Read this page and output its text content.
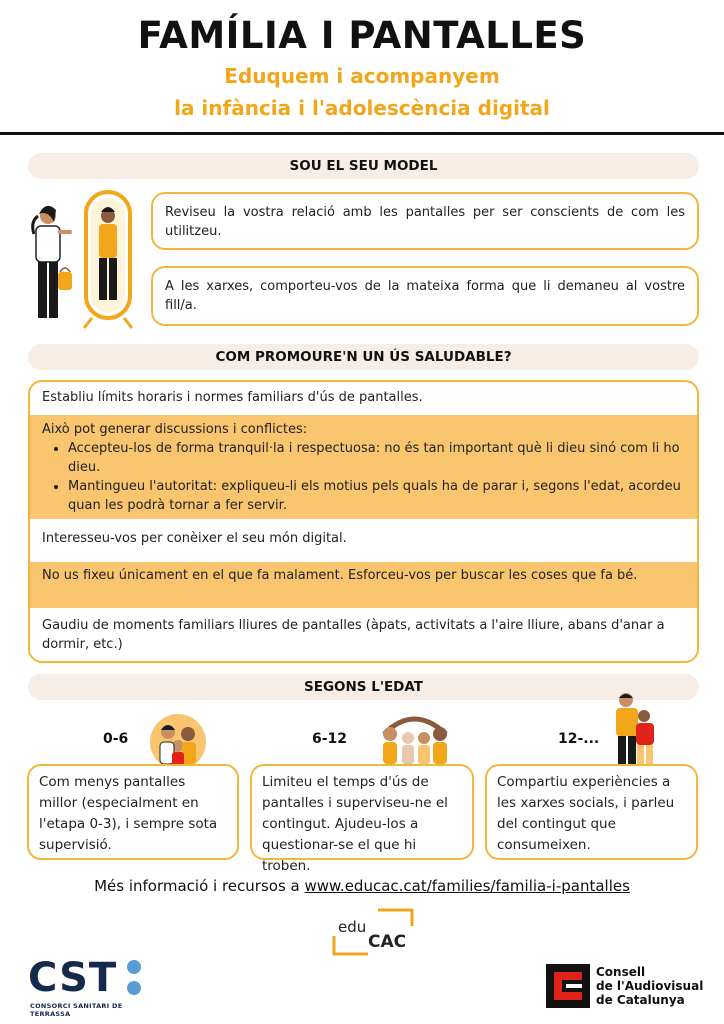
FAMÍLIA I PANTALLES
Eduquem i acompanyem
la infància i l'adolescència digital
SOU EL SEU MODEL
Reviseu la vostra relació amb les pantalles per ser conscients de com les utilitzeu.
A les xarxes, comporteu-vos de la mateixa forma que li demaneu al vostre fill/a.
COM PROMOURE'N UN ÚS SALUDABLE?
Establiu límits horaris i normes familiars d'ús de pantalles.
Això pot generar discussions i conflictes:
• Accepteu-los de forma tranquil·la i respectuosa: no és tan important què li dieu sinó com li ho dieu.
• Mantingueu l'autoritat: expliqueu-li els motius pels quals ha de parar i, segons l'edat, acordeu quan les podrà tornar a fer servir.
Interesseu-vos per conèixer el seu món digital.
No us fixeu únicament en el que fa malament. Esforceu-vos per buscar les coses que fa bé.
Gaudiu de moments familiars lliures de pantalles (àpats, activitats a l'aire lliure, abans d'anar a dormir, etc.)
SEGONS L'EDAT
0-6	6-12	12-...
Com menys pantalles millor (especialment en l'etapa 0-3), i sempre sota supervisió.
Limiteu el temps d'ús de pantalles i superviseu-ne el contingut. Ajudeu-los a questionar-se el que hi troben.
Compartiu experiències a les xarxes socials, i parleu del contingut que consumeixen.
Més informació i recursos a www.educac.cat/families/familia-i-pantalles
edu
CAC
CST
CONSORCI SANITARI DE TERRASSA
Consell
de l'Audiovisual
de Catalunya
